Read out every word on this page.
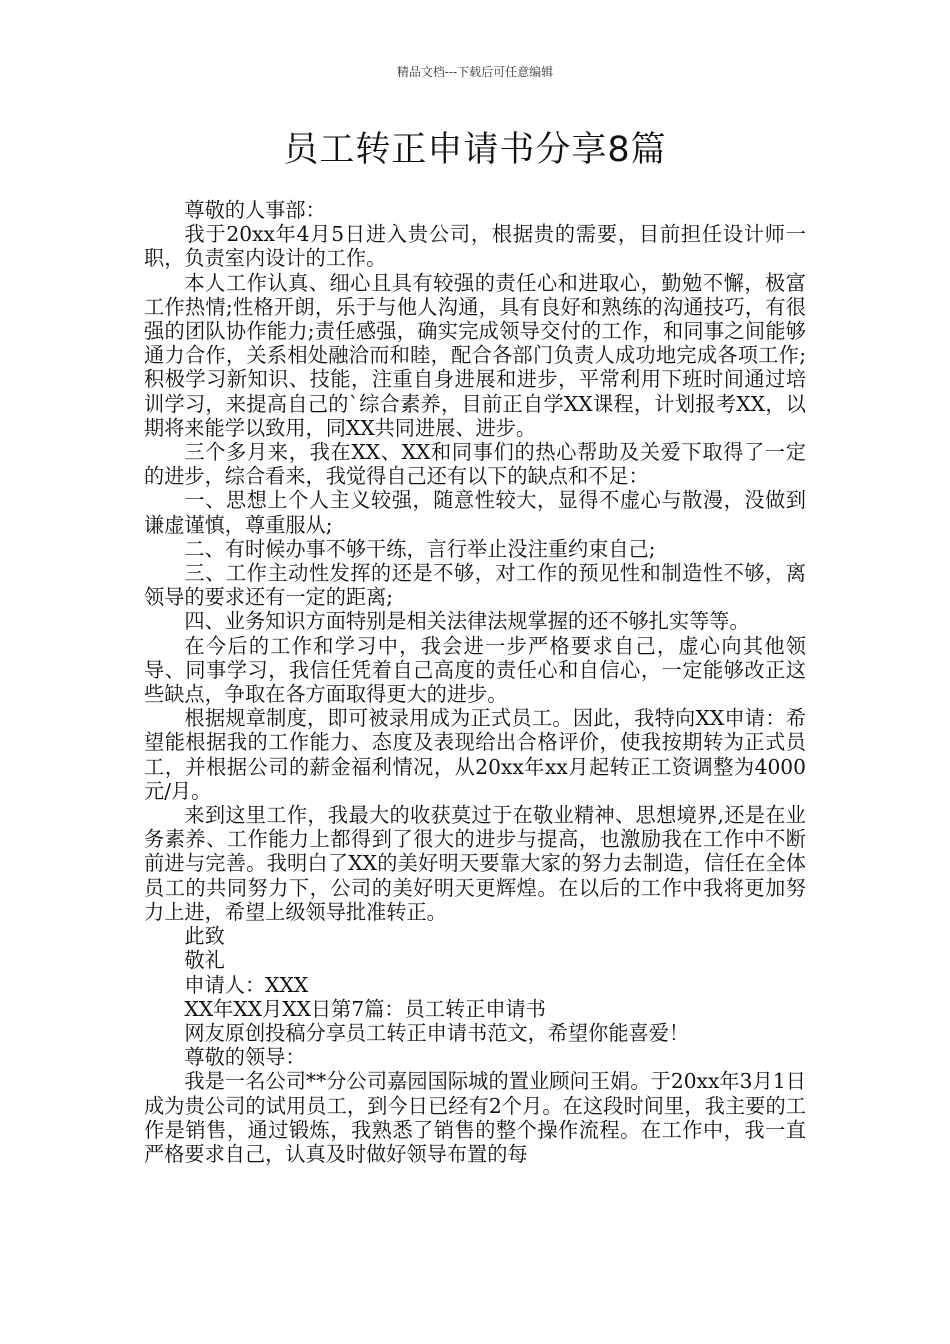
精品文档---下载后可任意编辑
员工转正申请书分享8篇

尊敬的人事部：

我于20xx年4月5日进入贵公司，根据贵的需要，目前担任设计师一职，负责室内设计的工作。

本人工作认真、细心且具有较强的责任心和进取心，勤勉不懈，极富工作热情;性格开朗，乐于与他人沟通，具有良好和熟练的沟通技巧，有很强的团队协作能力;责任感强，确实完成领导交付的工作，和同事之间能够通力合作，关系相处融洽而和睦，配合各部门负责人成功地完成各项工作;积极学习新知识、技能，注重自身进展和进步，平常利用下班时间通过培训学习，来提高自己的`综合素养，目前正自学XX课程，计划报考XX，以期将来能学以致用，同XX共同进展、进步。

三个多月来，我在XX、XX和同事们的热心帮助及关爱下取得了一定的进步，综合看来，我觉得自己还有以下的缺点和不足：

一、思想上个人主义较强，随意性较大，显得不虚心与散漫，没做到谦虚谨慎，尊重服从;

二、有时候办事不够干练，言行举止没注重约束自己;

三、工作主动性发挥的还是不够，对工作的预见性和制造性不够，离领导的要求还有一定的距离;

四、业务知识方面特别是相关法律法规掌握的还不够扎实等等。

在今后的工作和学习中，我会进一步严格要求自己，虚心向其他领导、同事学习，我信任凭着自己高度的责任心和自信心，一定能够改正这些缺点，争取在各方面取得更大的进步。

根据规章制度，即可被录用成为正式员工。因此，我特向XX申请：希望能根据我的工作能力、态度及表现给出合格评价，使我按期转为正式员工，并根据公司的薪金福利情况，从20xx年xx月起转正工资调整为4000元/月。

来到这里工作，我最大的收获莫过于在敬业精神、思想境界,还是在业务素养、工作能力上都得到了很大的进步与提高，也激励我在工作中不断前进与完善。我明白了XX的美好明天要靠大家的努力去制造，信任在全体员工的共同努力下，公司的美好明天更辉煌。在以后的工作中我将更加努力上进，希望上级领导批准转正。

此致

敬礼

申请人：XXX

XX年XX月XX日第7篇：员工转正申请书

网友原创投稿分享员工转正申请书范文，希望你能喜爱！

尊敬的领导：

我是一名公司**分公司嘉园国际城的置业顾问王娟。于20xx年3月1日成为贵公司的试用员工，到今日已经有2个月。在这段时间里，我主要的工作是销售，通过锻炼，我熟悉了销售的整个操作流程。在工作中，我一直严格要求自己，认真及时做好领导布置的每
